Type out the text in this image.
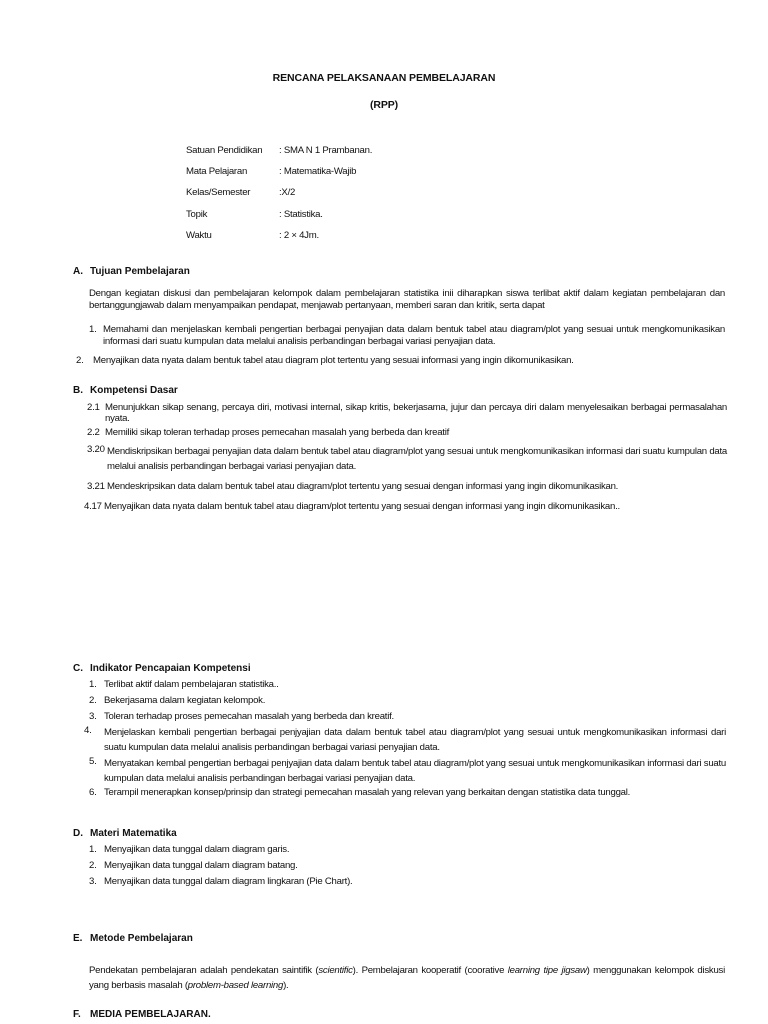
RENCANA PELAKSANAAN PEMBELAJARAN
(RPP)
Satuan Pendidikan : SMA N 1 Prambanan.
Mata Pelajaran	: Matematika-Wajib
Kelas/Semester	:X/2
Topik	: Statistika.
Waktu	: 2 × 4Jm.
A. Tujuan Pembelajaran
Dengan kegiatan diskusi dan pembelajaran kelompok dalam pembelajaran statistika inii diharapkan siswa terlibat aktif dalam kegiatan pembelajaran dan bertanggungjawab dalam menyampaikan pendapat, menjawab pertanyaan, memberi saran dan kritik, serta dapat
1. Memahami dan menjelaskan kembali pengertian berbagai penyajian data dalam bentuk tabel atau diagram/plot yang sesuai untuk mengkomunikasikan informasi dari suatu kumpulan data melalui analisis perbandingan berbagai variasi penyajian data.
2. Menyajikan data nyata dalam bentuk tabel atau diagram plot tertentu yang sesuai informasi yang ingin dikomunikasikan.
B. Kompetensi Dasar
2.1 Menunjukkan sikap senang, percaya diri, motivasi internal, sikap kritis, bekerjasama, jujur dan percaya diri dalam menyelesaikan berbagai permasalahan nyata.
2.2 Memiliki sikap toleran terhadap proses pemecahan masalah yang berbeda dan kreatif
3.20 Mendiskripsikan berbagai penyajian data dalam bentuk tabel atau diagram/plot yang sesuai untuk mengkomunikasikan informasi dari suatu kumpulan data melalui analisis perbandingan berbagai variasi penyajian data.
3.21 Mendeskripsikan data dalam bentuk tabel atau diagram/plot tertentu yang sesuai dengan informasi yang ingin dikomunikasikan.
4.17 Menyajikan data nyata dalam bentuk tabel atau diagram/plot tertentu yang sesuai dengan informasi yang ingin dikomunikasikan..
C. Indikator Pencapaian Kompetensi
1. Terlibat aktif dalam pembelajaran statistika..
2. Bekerjasama dalam kegiatan kelompok.
3. Toleran terhadap proses pemecahan masalah yang berbeda dan kreatif.
4. Menjelaskan kembali pengertian berbagai penjyajian data dalam bentuk tabel atau diagram/plot yang sesuai untuk mengkomunikasikan informasi dari suatu kumpulan data melalui analisis perbandingan berbagai variasi penyajian data.
5. Menyatakan kembal pengertian berbagai penjyajian data dalam bentuk tabel atau diagram/plot yang sesuai untuk mengkomunikasikan informasi dari suatu kumpulan data melalui analisis perbandingan berbagai variasi penyajian data.
6. Terampil menerapkan konsep/prinsip dan strategi pemecahan masalah yang relevan yang berkaitan dengan statistika data tunggal.
D. Materi Matematika
1. Menyajikan data tunggal dalam diagram garis.
2. Menyajikan data tunggal dalam diagram batang.
3. Menyajikan data tunggal dalam diagram lingkaran (Pie Chart).
E. Metode Pembelajaran
Pendekatan pembelajaran adalah pendekatan saintifik (scientific). Pembelajaran kooperatif (coorative learning tipe jigsaw) menggunakan kelompok diskusi yang berbasis masalah (problem-based learning).
F. MEDIA PEMBELAJARAN.
